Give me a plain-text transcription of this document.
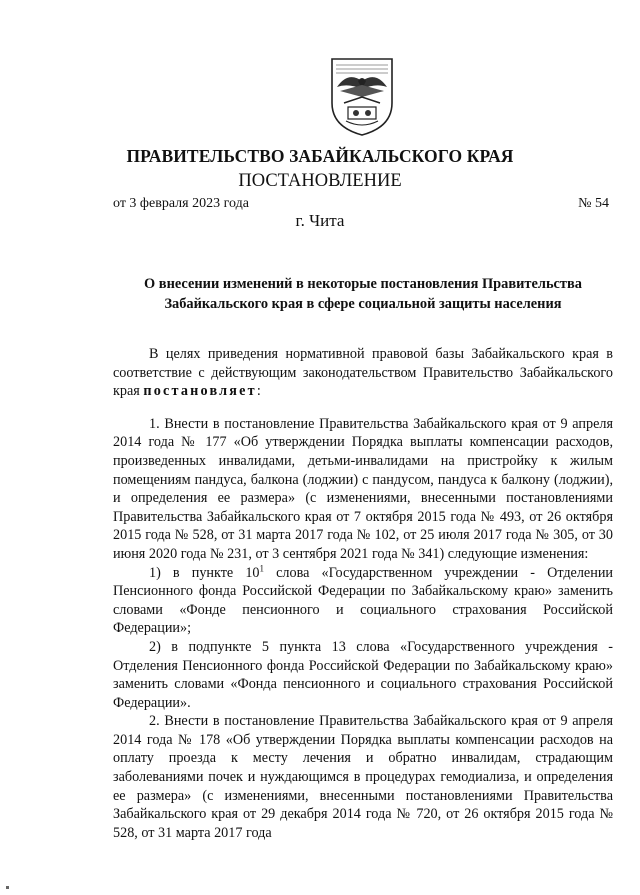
ПРАВИТЕЛЬСТВО ЗАБАЙКАЛЬСКОГО КРАЯ
ПОСТАНОВЛЕНИЕ
от 3 февраля 2023 года	№ 54
г. Чита
О внесении изменений в некоторые постановления Правительства
Забайкальского края в сфере социальной защиты населения

В целях приведения нормативной правовой базы Забайкальского края в соответствие с действующим законодательством Правительство Забайкальского края постановляет:

1. Внести в постановление Правительства Забайкальского края от 9 апреля 2014 года № 177 «Об утверждении Порядка выплаты компенсации расходов, произведенных инвалидами, детьми-инвалидами на пристройку к жилым помещениям пандуса, балкона (лоджии) с пандусом, пандуса к балкону (лоджии), и определения ее размера» (с изменениями, внесенными постановлениями Правительства Забайкальского края от 7 октября 2015 года № 493, от 26 октября 2015 года № 528, от 31 марта 2017 года № 102, от 25 июля 2017 года № 305, от 30 июня 2020 года № 231, от 3 сентября 2021 года № 341) следующие изменения:

1) в пункте $10^1$ слова «Государственном учреждении - Отделении Пенсионного фонда Российской Федерации по Забайкальскому краю» заменить словами «Фонде пенсионного и социального страхования Российской Федерации»;

2) в подпункте 5 пункта 13 слова «Государственного учреждения - Отделения Пенсионного фонда Российской Федерации по Забайкальскому краю» заменить словами «Фонда пенсионного и социального страхования Российской Федерации».

2. Внести в постановление Правительства Забайкальского края от 9 апреля 2014 года № 178 «Об утверждении Порядка выплаты компенсации расходов на оплату проезда к месту лечения и обратно инвалидам, страдающим заболеваниями почек и нуждающимся в процедурах гемодиализа, и определения ее размера» (с изменениями, внесенными постановлениями Правительства Забайкальского края от 29 декабря 2014 года № 720, от 26 октября 2015 года № 528, от 31 марта 2017 года
